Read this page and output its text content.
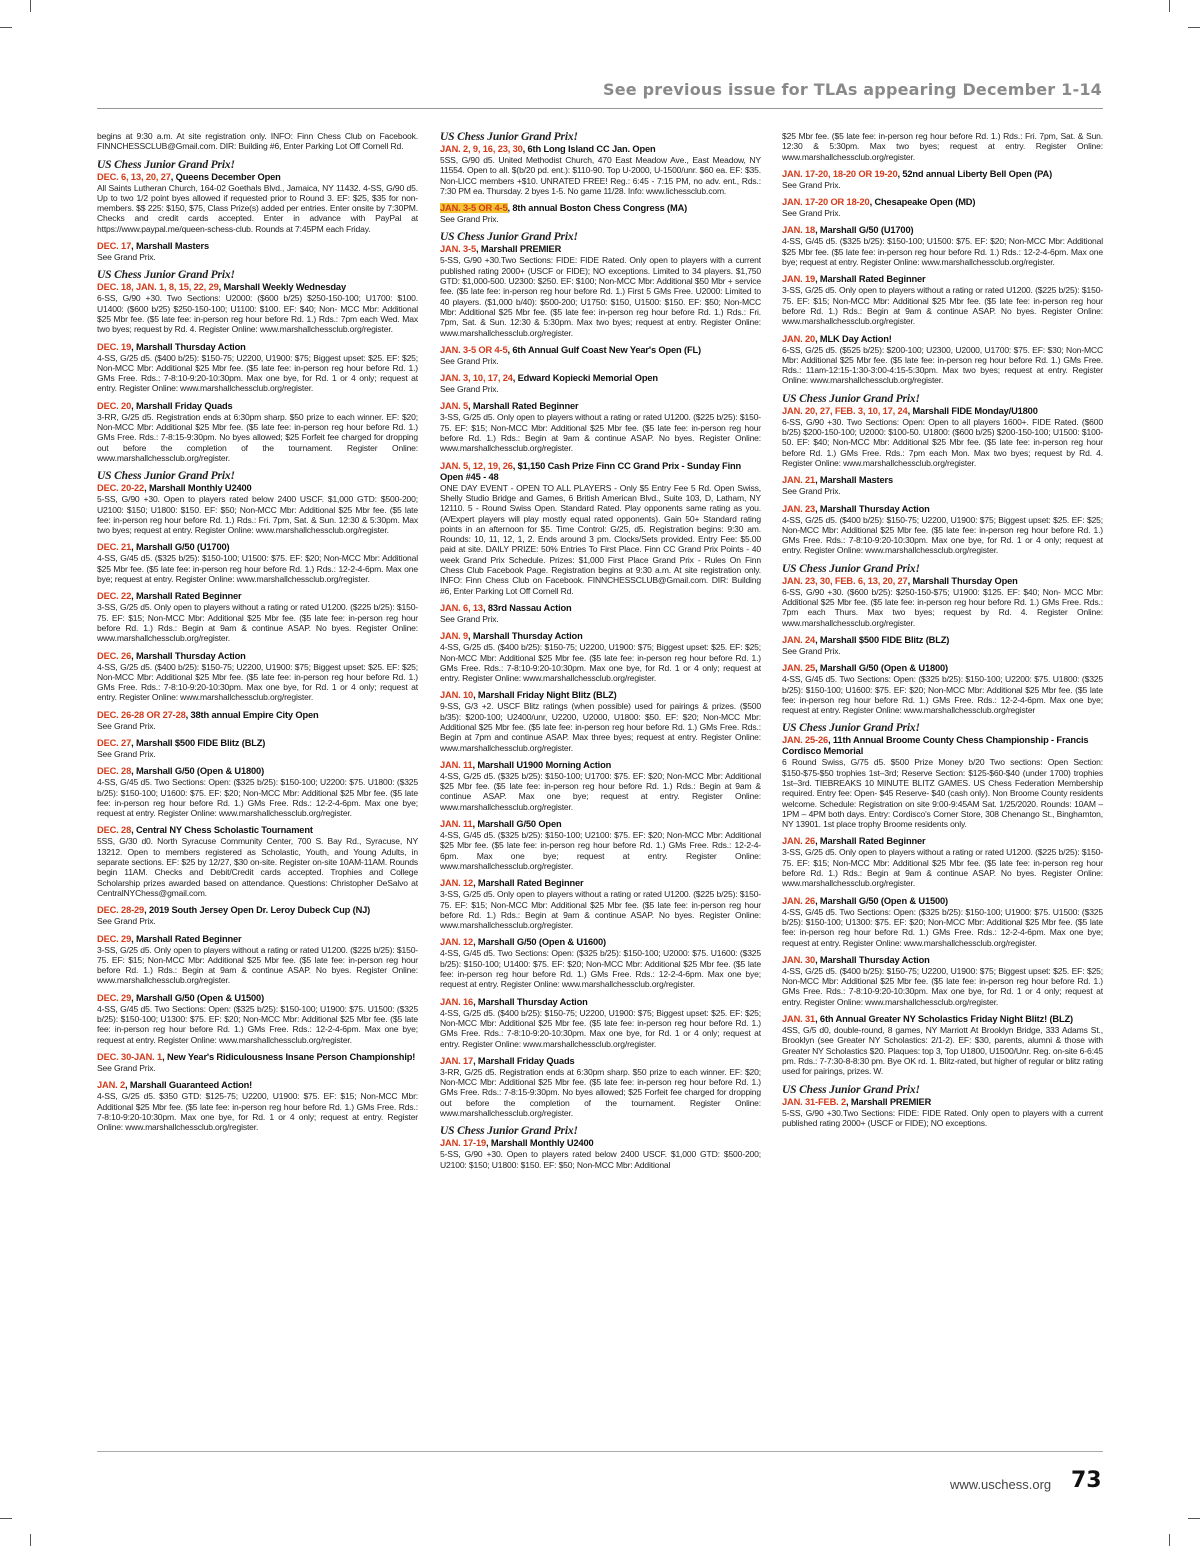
See previous issue for TLAs appearing December 1-14
begins at 9:30 a.m. At site registration only. INFO: Finn Chess Club on Facebook. FINNCHESSCLUB@Gmail.com. DIR: Building #6, Enter Parking Lot Off Cornell Rd.
US Chess Junior Grand Prix!
DEC. 6, 13, 20, 27, Queens December Open
All Saints Lutheran Church, 164-02 Goethals Blvd., Jamaica, NY 11432. 4-SS, G/90 d5. Up to two 1/2 point byes allowed if requested prior to Round 3. EF: $25, $35 for non-members. $$ 225: $150, $75, Class Prize(s) added per entries. Enter onsite by 7:30PM. Checks and credit cards accepted. Enter in advance with PayPal at https://www.paypal.me/queen-schess-club. Rounds at 7:45PM each Friday.
DEC. 17, Marshall Masters
See Grand Prix.
US Chess Junior Grand Prix!
DEC. 18, JAN. 1, 8, 15, 22, 29, Marshall Weekly Wednesday
6-SS, G/90 +30. Two Sections: U2000: ($600 b/25) $250-150-100; U1700: $100. U1400: ($600 b/25) $250-150-100; U1100: $100. EF: $40; Non- MCC Mbr: Additional $25 Mbr fee. ($5 late fee: in-person reg hour before Rd. 1.) Rds.: 7pm each Wed. Max two byes; request by Rd. 4. Register Online: www.marshallchessclub.org/register.
DEC. 19, Marshall Thursday Action
4-SS, G/25 d5. ($400 b/25): $150-75; U2200, U1900: $75; Biggest upset: $25. EF: $25; Non-MCC Mbr: Additional $25 Mbr fee. ($5 late fee: in-person reg hour before Rd. 1.) GMs Free. Rds.: 7-8:10-9:20-10:30pm. Max one bye, for Rd. 1 or 4 only; request at entry. Register Online: www.marshallchessclub.org/register.
DEC. 20, Marshall Friday Quads
3-RR, G/25 d5. Registration ends at 6:30pm sharp. $50 prize to each winner. EF: $20; Non-MCC Mbr: Additional $25 Mbr fee. ($5 late fee: in-person reg hour before Rd. 1.) GMs Free. Rds.: 7-8:15-9:30pm. No byes allowed; $25 Forfeit fee charged for dropping out before the completion of the tournament. Register Online: www.marshallchessclub.org/register.
US Chess Junior Grand Prix!
DEC. 20-22, Marshall Monthly U2400
5-SS, G/90 +30. Open to players rated below 2400 USCF. $1,000 GTD: $500-200; U2100: $150; U1800: $150. EF: $50; Non-MCC Mbr: Additional $25 Mbr fee. ($5 late fee: in-person reg hour before Rd. 1.) Rds.: Fri. 7pm, Sat. & Sun. 12:30 & 5:30pm. Max two byes; request at entry. Register Online: www.marshallchessclub.org/register.
DEC. 21, Marshall G/50 (U1700)
4-SS, G/45 d5. ($325 b/25): $150-100; U1500: $75. EF: $20; Non-MCC Mbr: Additional $25 Mbr fee. ($5 late fee: in-person reg hour before Rd. 1.) Rds.: 12-2-4-6pm. Max one bye; request at entry. Register Online: www.marshallchessclub.org/register.
DEC. 22, Marshall Rated Beginner
3-SS, G/25 d5. Only open to players without a rating or rated U1200. ($225 b/25): $150-75. EF: $15; Non-MCC Mbr: Additional $25 Mbr fee. ($5 late fee: in-person reg hour before Rd. 1.) Rds.: Begin at 9am & continue ASAP. No byes. Register Online: www.marshallchessclub.org/register.
DEC. 26, Marshall Thursday Action
4-SS, G/25 d5. ($400 b/25): $150-75; U2200, U1900: $75; Biggest upset: $25. EF: $25; Non-MCC Mbr: Additional $25 Mbr fee. ($5 late fee: in-person reg hour before Rd. 1.) GMs Free. Rds.: 7-8:10-9:20-10:30pm. Max one bye, for Rd. 1 or 4 only; request at entry. Register Online: www.marshallchessclub.org/register.
DEC. 26-28 OR 27-28, 38th annual Empire City Open
See Grand Prix.
DEC. 27, Marshall $500 FIDE Blitz (BLZ)
See Grand Prix.
DEC. 28, Marshall G/50 (Open & U1800)
4-SS, G/45 d5. Two Sections: Open: ($325 b/25): $150-100; U2200: $75. U1800: ($325 b/25): $150-100; U1600: $75. EF: $20; Non-MCC Mbr: Additional $25 Mbr fee. ($5 late fee: in-person reg hour before Rd. 1.) GMs Free. Rds.: 12-2-4-6pm. Max one bye; request at entry. Register Online: www.marshallchessclub.org/register.
DEC. 28, Central NY Chess Scholastic Tournament
5SS, G/30 d0. North Syracuse Community Center, 700 S. Bay Rd., Syracuse, NY 13212. Open to members registered as Scholastic, Youth, and Young Adults, in separate sections. EF: $25 by 12/27, $30 on-site. Register on-site 10AM-11AM. Rounds begin 11AM. Checks and Debit/Credit cards accepted. Trophies and College Scholarship prizes awarded based on attendance. Questions: Christopher DeSalvo at CentralNYChess@gmail.com.
DEC. 28-29, 2019 South Jersey Open Dr. Leroy Dubeck Cup (NJ)
See Grand Prix.
DEC. 29, Marshall Rated Beginner
3-SS, G/25 d5. Only open to players without a rating or rated U1200. ($225 b/25): $150-75. EF: $15; Non-MCC Mbr: Additional $25 Mbr fee. ($5 late fee: in-person reg hour before Rd. 1.) Rds.: Begin at 9am & continue ASAP. No byes. Register Online: www.marshallchessclub.org/register.
DEC. 29, Marshall G/50 (Open & U1500)
4-SS, G/45 d5. Two Sections: Open: ($325 b/25): $150-100; U1900: $75. U1500: ($325 b/25): $150-100; U1300: $75. EF: $20; Non-MCC Mbr: Additional $25 Mbr fee. ($5 late fee: in-person reg hour before Rd. 1.) GMs Free. Rds.: 12-2-4-6pm. Max one bye; request at entry. Register Online: www.marshallchessclub.org/register.
DEC. 30-JAN. 1, New Year's Ridiculousness Insane Person Championship!
See Grand Prix.
JAN. 2, Marshall Guaranteed Action!
4-SS, G/25 d5. $350 GTD: $125-75; U2200, U1900: $75. EF: $15; Non-MCC Mbr: Additional $25 Mbr fee. ($5 late fee: in-person reg hour before Rd. 1.) GMs Free. Rds.: 7-8:10-9:20-10:30pm. Max one bye, for Rd. 1 or 4 only; request at entry. Register Online: www.marshallchessclub.org/register.
US Chess Junior Grand Prix!
JAN. 2, 9, 16, 23, 30, 6th Long Island CC Jan. Open
5SS, G/90 d5. United Methodist Church, 470 East Meadow Ave., East Meadow, NY 11554. Open to all. $(b/20 pd. ent.): $110-90. Top U-2000, U-1500/unr. $60 ea. EF: $35. Non-LICC members +$10. UNRATED FREE! Reg.: 6:45 - 7:15 PM, no adv. ent., Rds.: 7:30 PM ea. Thursday. 2 byes 1-5. No game 11/28. Info: www.lichessclub.com.
JAN. 3-5 OR 4-5, 8th annual Boston Chess Congress (MA)
See Grand Prix.
US Chess Junior Grand Prix!
JAN. 3-5, Marshall PREMIER
5-SS, G/90 +30.Two Sections: FIDE: FIDE Rated. Only open to players with a current published rating 2000+ (USCF or FIDE); NO exceptions. Limited to 34 players. $1,750 GTD: $1,000-500. U2300: $250. EF: $100; Non-MCC Mbr: Additional $50 Mbr + service fee. ($5 late fee: in-person reg hour before Rd. 1.) First 5 GMs Free. U2000: Limited to 40 players. ($1,000 b/40): $500-200; U1750: $150, U1500: $150. EF: $50; Non-MCC Mbr: Additional $25 Mbr fee. ($5 late fee: in-person reg hour before Rd. 1.) Rds.: Fri. 7pm, Sat. & Sun. 12:30 & 5:30pm. Max two byes; request at entry. Register Online: www.marshallchessclub.org/register.
JAN. 3-5 OR 4-5, 6th Annual Gulf Coast New Year's Open (FL)
See Grand Prix.
JAN. 3, 10, 17, 24, Edward Kopiecki Memorial Open
See Grand Prix.
JAN. 5, Marshall Rated Beginner
3-SS, G/25 d5. Only open to players without a rating or rated U1200. ($225 b/25): $150-75. EF: $15; Non-MCC Mbr: Additional $25 Mbr fee. ($5 late fee: in-person reg hour before Rd. 1.) Rds.: Begin at 9am & continue ASAP. No byes. Register Online: www.marshallchessclub.org/register.
JAN. 5, 12, 19, 26, $1,150 Cash Prize Finn CC Grand Prix - Sunday Finn Open #45 - 48
ONE DAY EVENT - OPEN TO ALL PLAYERS - Only $5 Entry Fee 5 Rd. Open Swiss, Shelly Studio Bridge and Games, 6 British American Blvd., Suite 103, D, Latham, NY 12110. 5 - Round Swiss Open. Standard Rated. Play opponents same rating as you. (A/Expert players will play mostly equal rated opponents). Gain 50+ Standard rating points in an afternoon for $5. Time Control: G/25, d5. Registration begins: 9:30 am. Rounds: 10, 11, 12, 1, 2. Ends around 3 pm. Clocks/Sets provided. Entry Fee: $5.00 paid at site. DAILY PRIZE: 50% Entries To First Place. Finn CC Grand Prix Points - 40 week Grand Prix Schedule. Prizes: $1,000 First Place Grand Prix - Rules On Finn Chess Club Facebook Page. Registration begins at 9:30 a.m. At site registration only. INFO: Finn Chess Club on Facebook. FINNCHESSCLUB@Gmail.com. DIR: Building #6, Enter Parking Lot Off Cornell Rd.
JAN. 6, 13, 83rd Nassau Action
See Grand Prix.
JAN. 9, Marshall Thursday Action
4-SS, G/25 d5. ($400 b/25): $150-75; U2200, U1900: $75; Biggest upset: $25. EF: $25; Non-MCC Mbr: Additional $25 Mbr fee. ($5 late fee: in-person reg hour before Rd. 1.) GMs Free. Rds.: 7-8:10-9:20-10:30pm. Max one bye, for Rd. 1 or 4 only; request at entry. Register Online: www.marshallchessclub.org/register.
JAN. 10, Marshall Friday Night Blitz (BLZ)
9-SS, G/3 +2. USCF Blitz ratings (when possible) used for pairings & prizes. ($500 b/35): $200-100; U2400/unr, U2200, U2000, U1800: $50. EF: $20; Non-MCC Mbr: Additional $25 Mbr fee. ($5 late fee: in-person reg hour before Rd. 1.) GMs Free. Rds.: Begin at 7pm and continue ASAP. Max three byes; request at entry. Register Online: www.marshallchessclub.org/register.
JAN. 11, Marshall U1900 Morning Action
4-SS, G/25 d5. ($325 b/25): $150-100; U1700: $75. EF: $20; Non-MCC Mbr: Additional $25 Mbr fee. ($5 late fee: in-person reg hour before Rd. 1.) Rds.: Begin at 9am & continue ASAP. Max one bye; request at entry. Register Online: www.marshallchessclub.org/register.
JAN. 11, Marshall G/50 Open
4-SS, G/45 d5. ($325 b/25): $150-100; U2100: $75. EF: $20; Non-MCC Mbr: Additional $25 Mbr fee. ($5 late fee: in-person reg hour before Rd. 1.) GMs Free. Rds.: 12-2-4-6pm. Max one bye; request at entry. Register Online: www.marshallchessclub.org/register.
JAN. 12, Marshall Rated Beginner
3-SS, G/25 d5. Only open to players without a rating or rated U1200. ($225 b/25): $150-75. EF: $15; Non-MCC Mbr: Additional $25 Mbr fee. ($5 late fee: in-person reg hour before Rd. 1.) Rds.: Begin at 9am & continue ASAP. No byes. Register Online: www.marshallchessclub.org/register.
JAN. 12, Marshall G/50 (Open & U1600)
4-SS, G/45 d5. Two Sections: Open: ($325 b/25): $150-100; U2000: $75. U1600: ($325 b/25): $150-100; U1400: $75. EF: $20; Non-MCC Mbr: Additional $25 Mbr fee. ($5 late fee: in-person reg hour before Rd. 1.) GMs Free. Rds.: 12-2-4-6pm. Max one bye; request at entry. Register Online: www.marshallchessclub.org/register.
JAN. 16, Marshall Thursday Action
4-SS, G/25 d5. ($400 b/25): $150-75; U2200, U1900: $75; Biggest upset: $25. EF: $25; Non-MCC Mbr: Additional $25 Mbr fee. ($5 late fee: in-person reg hour before Rd. 1.) GMs Free. Rds.: 7-8:10-9:20-10:30pm. Max one bye, for Rd. 1 or 4 only; request at entry. Register Online: www.marshallchessclub.org/register.
JAN. 17, Marshall Friday Quads
3-RR, G/25 d5. Registration ends at 6:30pm sharp. $50 prize to each winner. EF: $20; Non-MCC Mbr: Additional $25 Mbr fee. ($5 late fee: in-person reg hour before Rd. 1.) GMs Free. Rds.: 7-8:15-9:30pm. No byes allowed; $25 Forfeit fee charged for dropping out before the completion of the tournament. Register Online: www.marshallchessclub.org/register.
US Chess Junior Grand Prix!
JAN. 17-19, Marshall Monthly U2400
5-SS, G/90 +30. Open to players rated below 2400 USCF. $1,000 GTD: $500-200; U2100: $150; U1800: $150. EF: $50; Non-MCC Mbr: Additional
$25 Mbr fee. ($5 late fee: in-person reg hour before Rd. 1.) Rds.: Fri. 7pm, Sat. & Sun. 12:30 & 5:30pm. Max two byes; request at entry. Register Online: www.marshallchessclub.org/register.
JAN. 17-20, 18-20 OR 19-20, 52nd annual Liberty Bell Open (PA)
See Grand Prix.
JAN. 17-20 OR 18-20, Chesapeake Open (MD)
See Grand Prix.
JAN. 18, Marshall G/50 (U1700)
4-SS, G/45 d5. ($325 b/25): $150-100; U1500: $75. EF: $20; Non-MCC Mbr: Additional $25 Mbr fee. ($5 late fee: in-person reg hour before Rd. 1.) Rds.: 12-2-4-6pm. Max one bye; request at entry. Register Online: www.marshallchessclub.org/register.
JAN. 19, Marshall Rated Beginner
3-SS, G/25 d5. Only open to players without a rating or rated U1200. ($225 b/25): $150-75. EF: $15; Non-MCC Mbr: Additional $25 Mbr fee. ($5 late fee: in-person reg hour before Rd. 1.) Rds.: Begin at 9am & continue ASAP. No byes. Register Online: www.marshallchessclub.org/register.
JAN. 20, MLK Day Action!
6-SS, G/25 d5. ($525 b/25): $200-100; U2300, U2000, U1700: $75. EF: $30; Non-MCC Mbr: Additional $25 Mbr fee. ($5 late fee: in-person reg hour before Rd. 1.) GMs Free. Rds.: 11am-12:15-1:30-3:00-4:15-5:30pm. Max two byes; request at entry. Register Online: www.marshallchessclub.org/register.
US Chess Junior Grand Prix!
JAN. 20, 27, FEB. 3, 10, 17, 24, Marshall FIDE Monday/U1800
6-SS, G/90 +30. Two Sections: Open: Open to all players 1600+. FIDE Rated. ($600 b/25) $200-150-100; U2000: $100-50. U1800: ($600 b/25) $200-150-100; U1500: $100-50. EF: $40; Non-MCC Mbr: Additional $25 Mbr fee. ($5 late fee: in-person reg hour before Rd. 1.) GMs Free. Rds.: 7pm each Mon. Max two byes; request by Rd. 4. Register Online: www.marshallchessclub.org/register.
JAN. 21, Marshall Masters
See Grand Prix.
JAN. 23, Marshall Thursday Action
4-SS, G/25 d5. ($400 b/25): $150-75; U2200, U1900: $75; Biggest upset: $25. EF: $25; Non-MCC Mbr: Additional $25 Mbr fee. ($5 late fee: in-person reg hour before Rd. 1.) GMs Free. Rds.: 7-8:10-9:20-10:30pm. Max one bye, for Rd. 1 or 4 only; request at entry. Register Online: www.marshallchessclub.org/register.
US Chess Junior Grand Prix!
JAN. 23, 30, FEB. 6, 13, 20, 27, Marshall Thursday Open
6-SS, G/90 +30. ($600 b/25): $250-150-$75; U1900: $125. EF: $40; Non- MCC Mbr: Additional $25 Mbr fee. ($5 late fee: in-person reg hour before Rd. 1.) GMs Free. Rds.: 7pm each Thurs. Max two byes; request by Rd. 4. Register Online: www.marshallchessclub.org/register.
JAN. 24, Marshall $500 FIDE Blitz (BLZ)
See Grand Prix.
JAN. 25, Marshall G/50 (Open & U1800)
4-SS, G/45 d5. Two Sections: Open: ($325 b/25): $150-100; U2200: $75. U1800: ($325 b/25): $150-100; U1600: $75. EF: $20; Non-MCC Mbr: Additional $25 Mbr fee. ($5 late fee: in-person reg hour before Rd. 1.) GMs Free. Rds.: 12-2-4-6pm. Max one bye; request at entry. Register Online: www.marshallchessclub.org/register
US Chess Junior Grand Prix!
JAN. 25-26, 11th Annual Broome County Chess Championship - Francis Cordisco Memorial
6 Round Swiss, G/75 d5. $500 Prize Money b/20 Two sections: Open Section: $150-$75-$50 trophies 1st–3rd; Reserve Section: $125-$60-$40 (under 1700) trophies 1st–3rd. TIEBREAKS 10 MINUTE BLITZ GAMES. US Chess Federation Membership required. Entry fee: Open- $45 Reserve- $40 (cash only). Non Broome County residents welcome. Schedule: Registration on site 9:00-9:45AM Sat. 1/25/2020. Rounds: 10AM – 1PM – 4PM both days. Entry: Cordisco's Corner Store, 308 Chenango St., Binghamton, NY 13901. 1st place trophy Broome residents only.
JAN. 26, Marshall Rated Beginner
3-SS, G/25 d5. Only open to players without a rating or rated U1200. ($225 b/25): $150-75. EF: $15; Non-MCC Mbr: Additional $25 Mbr fee. ($5 late fee: in-person reg hour before Rd. 1.) Rds.: Begin at 9am & continue ASAP. No byes. Register Online: www.marshallchessclub.org/register.
JAN. 26, Marshall G/50 (Open & U1500)
4-SS, G/45 d5. Two Sections: Open: ($325 b/25): $150-100; U1900: $75. U1500: ($325 b/25): $150-100; U1300: $75. EF: $20; Non-MCC Mbr: Additional $25 Mbr fee. ($5 late fee: in-person reg hour before Rd. 1.) GMs Free. Rds.: 12-2-4-6pm. Max one bye; request at entry. Register Online: www.marshallchessclub.org/register.
JAN. 30, Marshall Thursday Action
4-SS, G/25 d5. ($400 b/25): $150-75; U2200, U1900: $75; Biggest upset: $25. EF: $25; Non-MCC Mbr: Additional $25 Mbr fee. ($5 late fee: in-person reg hour before Rd. 1.) GMs Free. Rds.: 7-8:10-9:20-10:30pm. Max one bye, for Rd. 1 or 4 only; request at entry. Register Online: www.marshallchessclub.org/register.
JAN. 31, 6th Annual Greater NY Scholastics Friday Night Blitz! (BLZ)
4SS, G/5 d0, double-round, 8 games, NY Marriott At Brooklyn Bridge, 333 Adams St., Brooklyn (see Greater NY Scholastics: 2/1-2). EF: $30, parents, alumni & those with Greater NY Scholastics $20. Plaques: top 3, Top U1800, U1500/Unr. Reg. on-site 6-6:45 pm. Rds.: 7-7:30-8-8:30 pm. Bye OK rd. 1. Blitz-rated, but higher of regular or blitz rating used for pairings, prizes. W.
US Chess Junior Grand Prix!
JAN. 31-FEB. 2, Marshall PREMIER
5-SS, G/90 +30.Two Sections: FIDE: FIDE Rated. Only open to players with a current published rating 2000+ (USCF or FIDE); NO exceptions.
www.uschess.org 73
